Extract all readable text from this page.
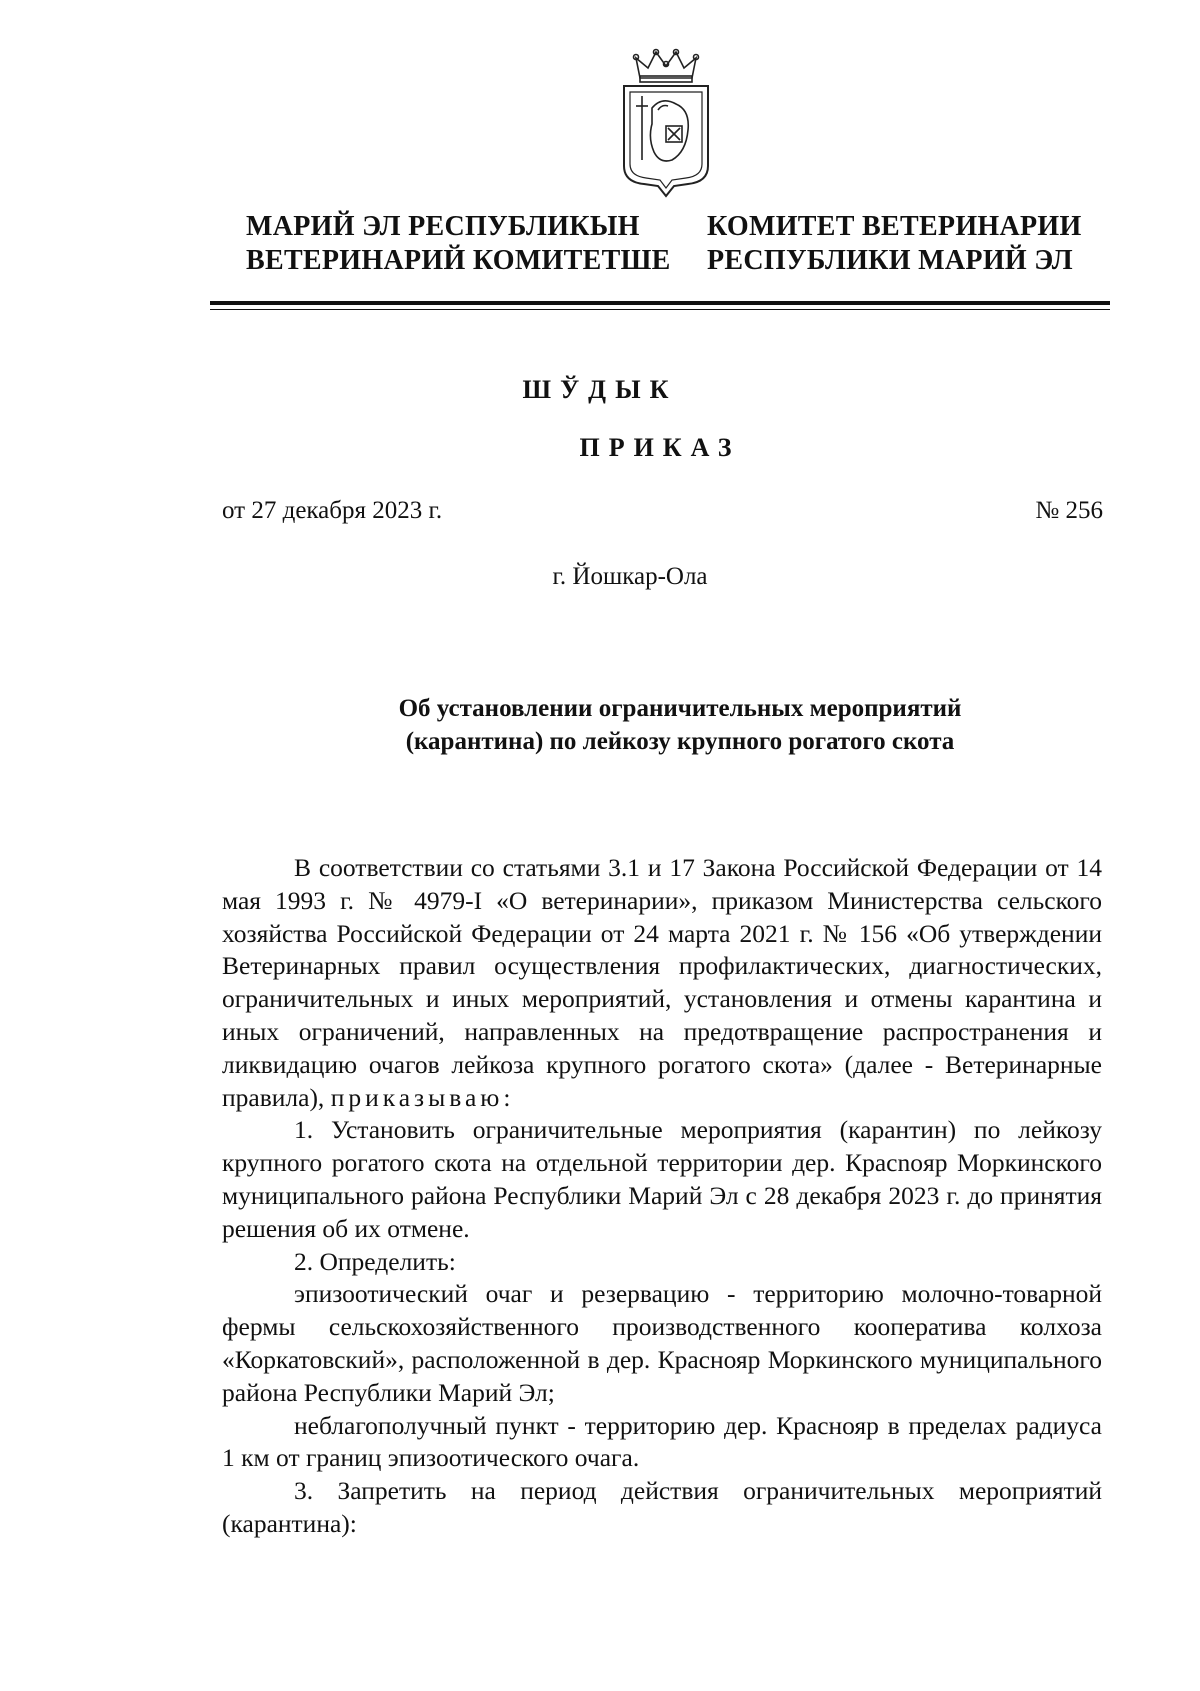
МАРИЙ ЭЛ РЕСПУБЛИКЫН
ВЕТЕРИНАРИЙ КОМИТЕТШЕ
КОМИТЕТ ВЕТЕРИНАРИИ
РЕСПУБЛИКИ МАРИЙ ЭЛ
ШЎДЫК
ПРИКАЗ
от 27 декабря 2023 г.	№ 256
г. Йошкар-Ола
Об установлении ограничительных мероприятий
(карантина) по лейкозу крупного рогатого скота

В соответствии со статьями 3.1 и 17 Закона Российской Федерации от 14 мая 1993 г. № 4979-I «О ветеринарии», приказом Министерства сельского хозяйства Российской Федерации от 24 марта 2021 г. № 156 «Об утверждении Ветеринарных правил осуществления профилактических, диагностических, ограничительных и иных мероприятий, установления и отмены карантина и иных ограничений, направленных на предотвращение распространения и ликвидацию очагов лейкоза крупного рогатого скота» (далее - Ветеринарные правила), приказываю:

1. Установить ограничительные мероприятия (карантин) по лейкозу крупного рогатого скота на отдельной территории дер. Красnoяр Моркинского муниципального района Республики Марий Эл с 28 декабря 2023 г. до принятия решения об их отмене.

2. Определить:

эпизоотический очаг и резервацию - территорию молочно-товарной фермы сельскохозяйственного производственного кооператива колхоза «Коркатовский», расположенной в дер. Краснояр Моркинского муниципального района Республики Марий Эл;

неблагополучный пункт - территорию дер. Краснояр в пределах радиуса 1 км от границ эпизоотического очага.

3. Запретить на период действия ограничительных мероприятий (карантина):
